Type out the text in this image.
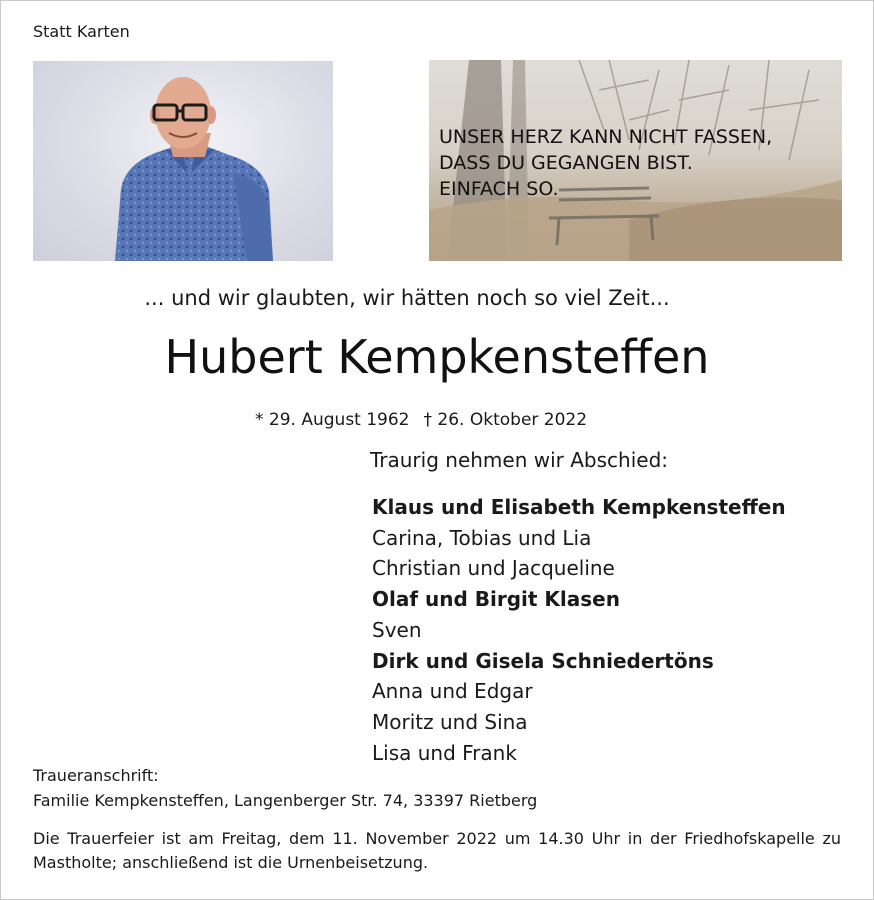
Statt Karten
UNSER HERZ KANN NICHT FASSEN,
DASS DU GEGANGEN BIST.
EINFACH SO.
... und wir glaubten, wir hätten noch so viel Zeit...
Hubert Kempkensteffen
* 29. August 1962 † 26. Oktober 2022
Traurig nehmen wir Abschied:
Klaus und Elisabeth Kempkensteffen
Carina, Tobias und Lia
Christian und Jacqueline
Olaf und Birgit Klasen
Sven
Dirk und Gisela Schniedertöns
Anna und Edgar
Moritz und Sina
Lisa und Frank
Traueranschrift:
Familie Kempkensteffen, Langenberger Str. 74, 33397 Rietberg
Die Trauerfeier ist am Freitag, dem 11. November 2022 um 14.30 Uhr in der Friedhofskapelle zu Mastholte; anschließend ist die Urnenbeisetzung.
